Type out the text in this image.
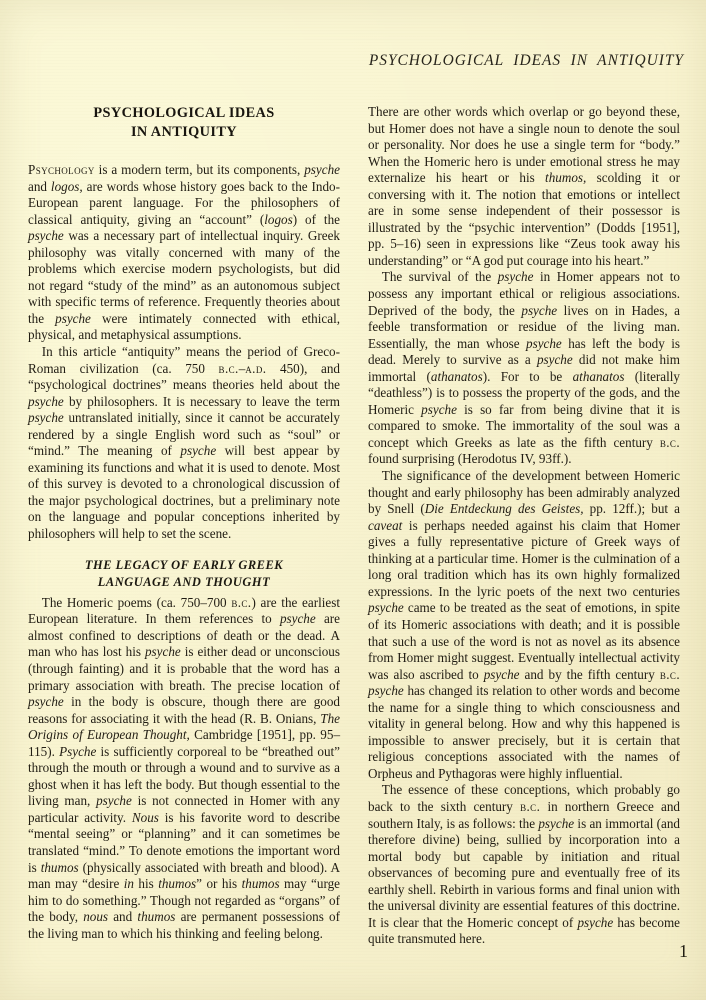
PSYCHOLOGICAL IDEAS IN ANTIQUITY
PSYCHOLOGICAL IDEAS
IN ANTIQUITY

Psychology is a modern term, but its components, psyche and logos, are words whose history goes back to the Indo-European parent language. For the philosophers of classical antiquity, giving an “account” (logos) of the psyche was a necessary part of intellectual inquiry. Greek philosophy was vitally concerned with many of the problems which exercise modern psychologists, but did not regard “study of the mind” as an autonomous subject with specific terms of reference. Frequently theories about the psyche were intimately connected with ethical, physical, and metaphysical assumptions.

In this article “antiquity” means the period of Greco-Roman civilization (ca. 750 b.c.–a.d. 450), and “psychological doctrines” means theories held about the psyche by philosophers. It is necessary to leave the term psyche untranslated initially, since it cannot be accurately rendered by a single English word such as “soul” or “mind.” The meaning of psyche will best appear by examining its functions and what it is used to denote. Most of this survey is devoted to a chronological discussion of the major psychological doctrines, but a preliminary note on the language and popular conceptions inherited by philosophers will help to set the scene.

THE LEGACY OF EARLY GREEK
LANGUAGE AND THOUGHT

The Homeric poems (ca. 750–700 b.c.) are the earliest European literature. In them references to psyche are almost confined to descriptions of death or the dead. A man who has lost his psyche is either dead or unconscious (through fainting) and it is probable that the word has a primary association with breath. The precise location of psyche in the body is obscure, though there are good reasons for associating it with the head (R. B. Onians, The Origins of European Thought, Cambridge [1951], pp. 95–115). Psyche is sufficiently corporeal to be “breathed out” through the mouth or through a wound and to survive as a ghost when it has left the body. But though essential to the living man, psyche is not connected in Homer with any particular activity. Nous is his favorite word to describe “mental seeing” or “planning” and it can sometimes be translated “mind.” To denote emotions the important word is thumos (physically associated with breath and blood). A man may “desire in his thumos” or his thumos may “urge him to do something.” Though not regarded as “organs” of the body, nous and thumos are permanent possessions of the living man to which his thinking and feeling belong.

There are other words which overlap or go beyond these, but Homer does not have a single noun to denote the soul or personality. Nor does he use a single term for “body.” When the Homeric hero is under emotional stress he may externalize his heart or his thumos, scolding it or conversing with it. The notion that emotions or intellect are in some sense independent of their possessor is illustrated by the “psychic intervention” (Dodds [1951], pp. 5–16) seen in expressions like “Zeus took away his understanding” or “A god put courage into his heart.”

The survival of the psyche in Homer appears not to possess any important ethical or religious associations. Deprived of the body, the psyche lives on in Hades, a feeble transformation or residue of the living man. Essentially, the man whose psyche has left the body is dead. Merely to survive as a psyche did not make him immortal (athanatos). For to be athanatos (literally “deathless”) is to possess the property of the gods, and the Homeric psyche is so far from being divine that it is compared to smoke. The immortality of the soul was a concept which Greeks as late as the fifth century b.c. found surprising (Herodotus IV, 93ff.).

The significance of the development between Homeric thought and early philosophy has been admirably analyzed by Snell (Die Entdeckung des Geistes, pp. 12ff.); but a caveat is perhaps needed against his claim that Homer gives a fully representative picture of Greek ways of thinking at a particular time. Homer is the culmination of a long oral tradition which has its own highly formalized expressions. In the lyric poets of the next two centuries psyche came to be treated as the seat of emotions, in spite of its Homeric associations with death; and it is possible that such a use of the word is not as novel as its absence from Homer might suggest. Eventually intellectual activity was also ascribed to psyche and by the fifth century b.c. psyche has changed its relation to other words and become the name for a single thing to which consciousness and vitality in general belong. How and why this happened is impossible to answer precisely, but it is certain that religious conceptions associated with the names of Orpheus and Pythagoras were highly influential.

The essence of these conceptions, which probably go back to the sixth century b.c. in northern Greece and southern Italy, is as follows: the psyche is an immortal (and therefore divine) being, sullied by incorporation into a mortal body but capable by initiation and ritual observances of becoming pure and eventually free of its earthly shell. Rebirth in various forms and final union with the universal divinity are essential features of this doctrine. It is clear that the Homeric concept of psyche has become quite transmuted here.

1
